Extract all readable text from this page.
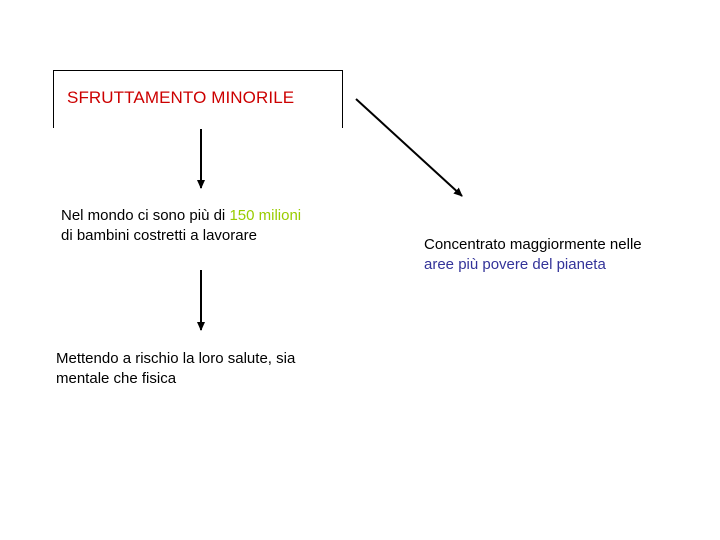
SFRUTTAMENTO MINORILE
Nel mondo ci sono più di 150 milioni
di bambini costretti a lavorare
Mettendo a rischio la loro salute, sia
mentale che fisica
Concentrato maggiormente nelle
aree più povere del pianeta
